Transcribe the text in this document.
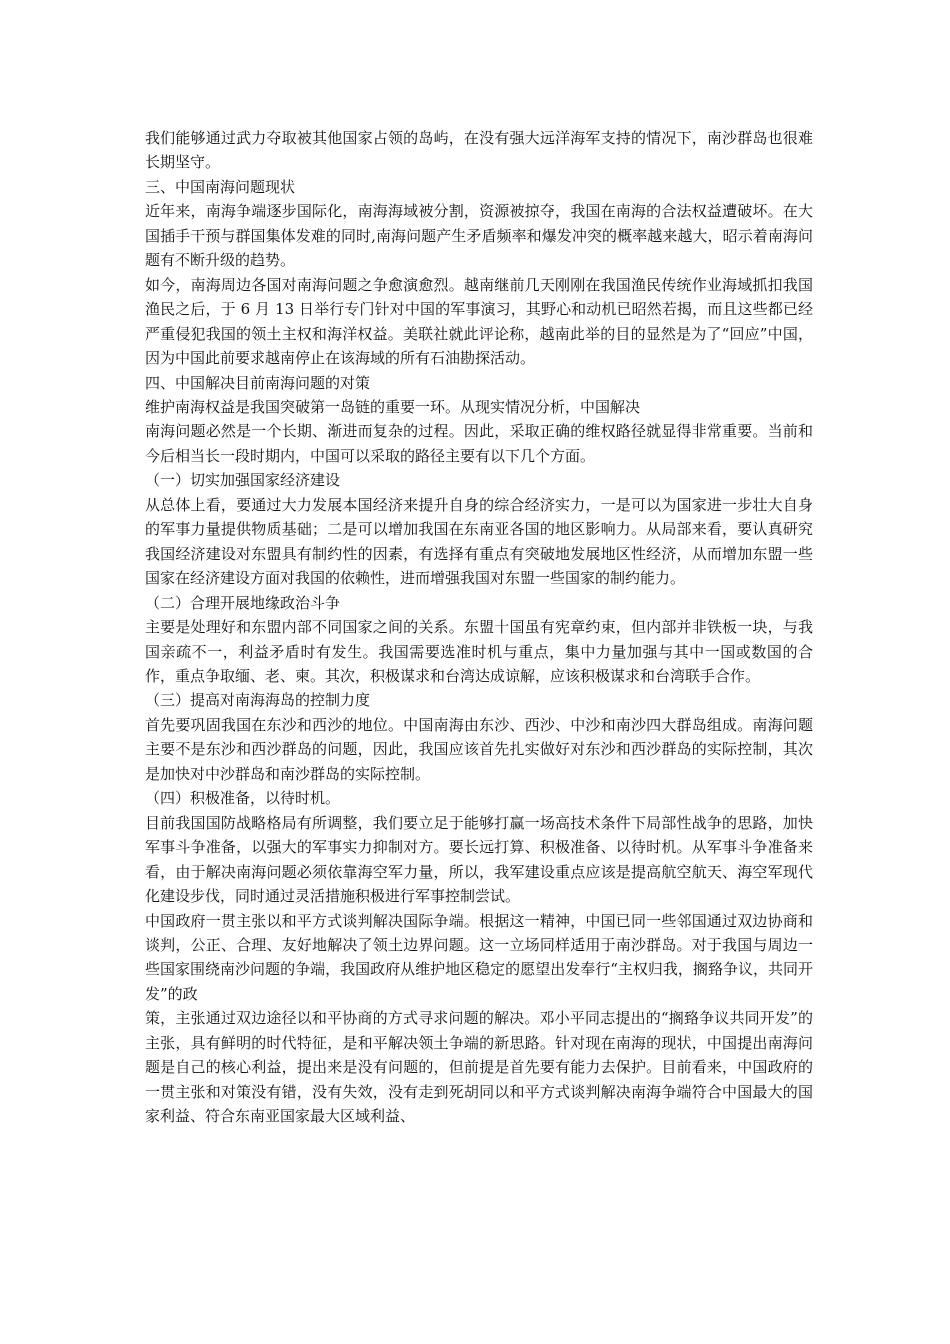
我们能够通过武力夺取被其他国家占领的岛屿，在没有强大远洋海军支持的情况下，南沙群岛也很难长期坚守。

三、中国南海问题现状

近年来，南海争端逐步国际化，南海海域被分割，资源被掠夺，我国在南海的合法权益遭破坏。在大国插手干预与群国集体发难的同时,南海问题产生矛盾频率和爆发冲突的概率越来越大，昭示着南海问题有不断升级的趋势。

如今，南海周边各国对南海问题之争愈演愈烈。越南继前几天刚刚在我国渔民传统作业海域抓扣我国渔民之后，于 6 月 13 日举行专门针对中国的军事演习，其野心和动机已昭然若揭，而且这些都已经严重侵犯我国的领土主权和海洋权益。美联社就此评论称，越南此举的目的显然是为了“回应”中国，因为中国此前要求越南停止在该海域的所有石油勘探活动。

四、中国解决目前南海问题的对策

维护南海权益是我国突破第一岛链的重要一环。从现实情况分析，中国解决

南海问题必然是一个长期、渐进而复杂的过程。因此，采取正确的维权路径就显得非常重要。当前和今后相当长一段时期内，中国可以采取的路径主要有以下几个方面。

（一）切实加强国家经济建设

从总体上看，要通过大力发展本国经济来提升自身的综合经济实力，一是可以为国家进一步壮大自身的军事力量提供物质基础；二是可以增加我国在东南亚各国的地区影响力。从局部来看，要认真研究我国经济建设对东盟具有制约性的因素，有选择有重点有突破地发展地区性经济，从而增加东盟一些国家在经济建设方面对我国的依赖性，进而增强我国对东盟一些国家的制约能力。

（二）合理开展地缘政治斗争

主要是处理好和东盟内部不同国家之间的关系。东盟十国虽有宪章约束，但内部并非铁板一块，与我国亲疏不一，利益矛盾时有发生。我国需要选准时机与重点，集中力量加强与其中一国或数国的合作，重点争取缅、老、柬。其次，积极谋求和台湾达成谅解，应该积极谋求和台湾联手合作。

（三）提高对南海海岛的控制力度

首先要巩固我国在东沙和西沙的地位。中国南海由东沙、西沙、中沙和南沙四大群岛组成。南海问题主要不是东沙和西沙群岛的问题，因此，我国应该首先扎实做好对东沙和西沙群岛的实际控制，其次是加快对中沙群岛和南沙群岛的实际控制。

（四）积极准备，以待时机。

目前我国国防战略格局有所调整，我们要立足于能够打赢一场高技术条件下局部性战争的思路，加快军事斗争准备，以强大的军事实力抑制对方。要长远打算、积极准备、以待时机。从军事斗争准备来看，由于解决南海问题必须依靠海空军力量，所以，我军建设重点应该是提高航空航天、海空军现代化建设步伐，同时通过灵活措施积极进行军事控制尝试。

中国政府一贯主张以和平方式谈判解决国际争端。根据这一精神，中国已同一些邻国通过双边协商和谈判，公正、合理、友好地解决了领土边界问题。这一立场同样适用于南沙群岛。对于我国与周边一些国家围绕南沙问题的争端，我国政府从维护地区稳定的愿望出发奉行“主权归我，搁臵争议，共同开发”的政

策，主张通过双边途径以和平协商的方式寻求问题的解决。邓小平同志提出的“搁臵争议共同开发”的主张，具有鲜明的时代特征，是和平解决领土争端的新思路。针对现在南海的现状，中国提出南海问题是自己的核心利益，提出来是没有问题的，但前提是首先要有能力去保护。目前看来，中国政府的一贯主张和对策没有错，没有失效，没有走到死胡同以和平方式谈判解决南海争端符合中国最大的国家利益、符合东南亚国家最大区域利益、
